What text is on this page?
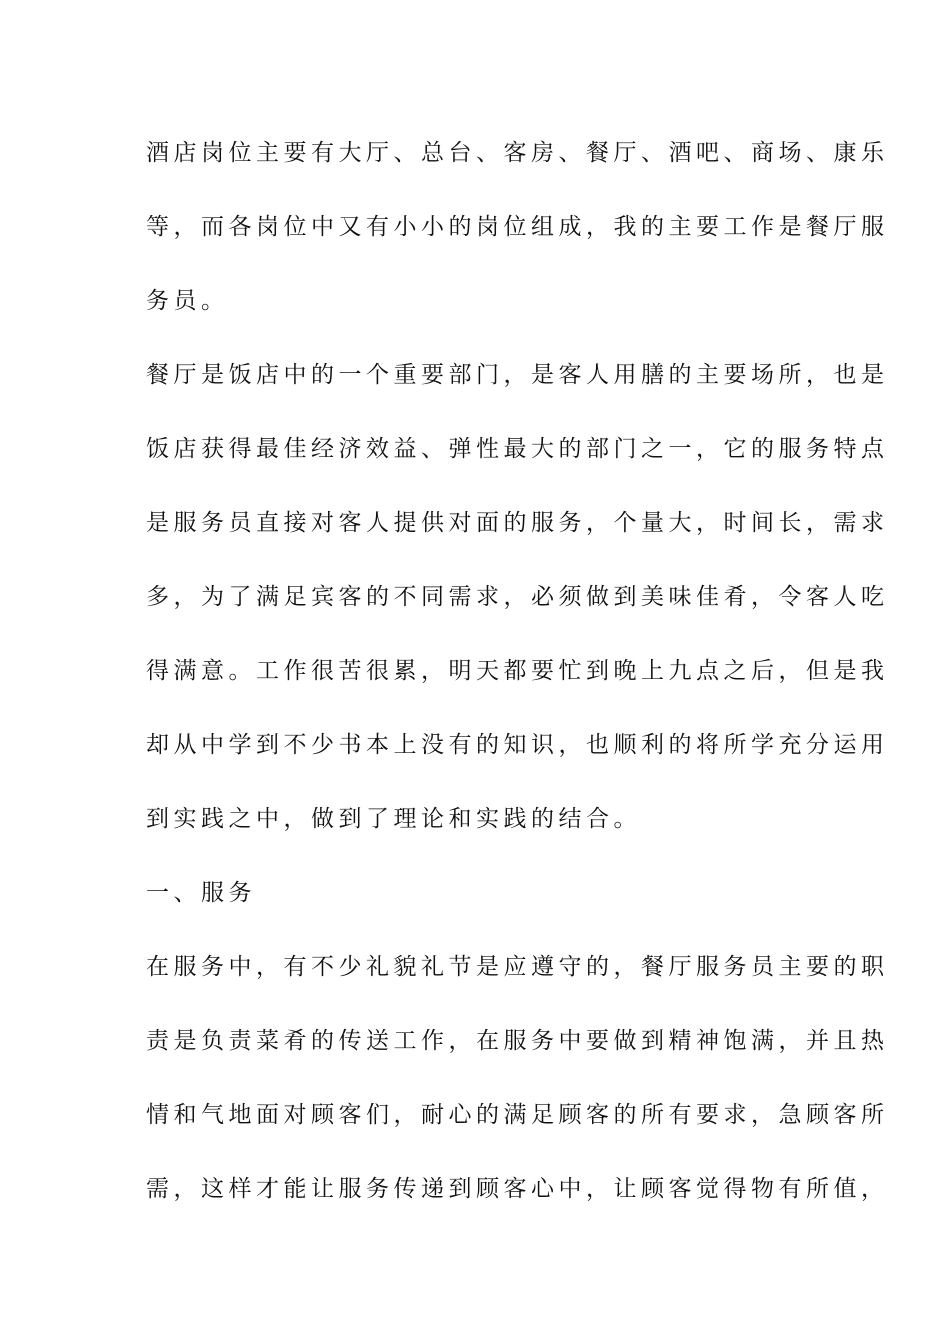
酒店岗位主要有大厅、总台、客房、餐厅、酒吧、商场、康乐
等，而各岗位中又有小小的岗位组成，我的主要工作是餐厅服
务员。
餐厅是饭店中的一个重要部门，是客人用膳的主要场所，也是
饭店获得最佳经济效益、弹性最大的部门之一，它的服务特点
是服务员直接对客人提供对面的服务，个量大，时间长，需求
多，为了满足宾客的不同需求，必须做到美味佳肴，令客人吃
得满意。工作很苦很累，明天都要忙到晚上九点之后，但是我
却从中学到不少书本上没有的知识，也顺利的将所学充分运用
到实践之中，做到了理论和实践的结合。
一、服务
在服务中，有不少礼貌礼节是应遵守的，餐厅服务员主要的职
责是负责菜肴的传送工作，在服务中要做到精神饱满，并且热
情和气地面对顾客们，耐心的满足顾客的所有要求，急顾客所
需，这样才能让服务传递到顾客心中，让顾客觉得物有所值，
